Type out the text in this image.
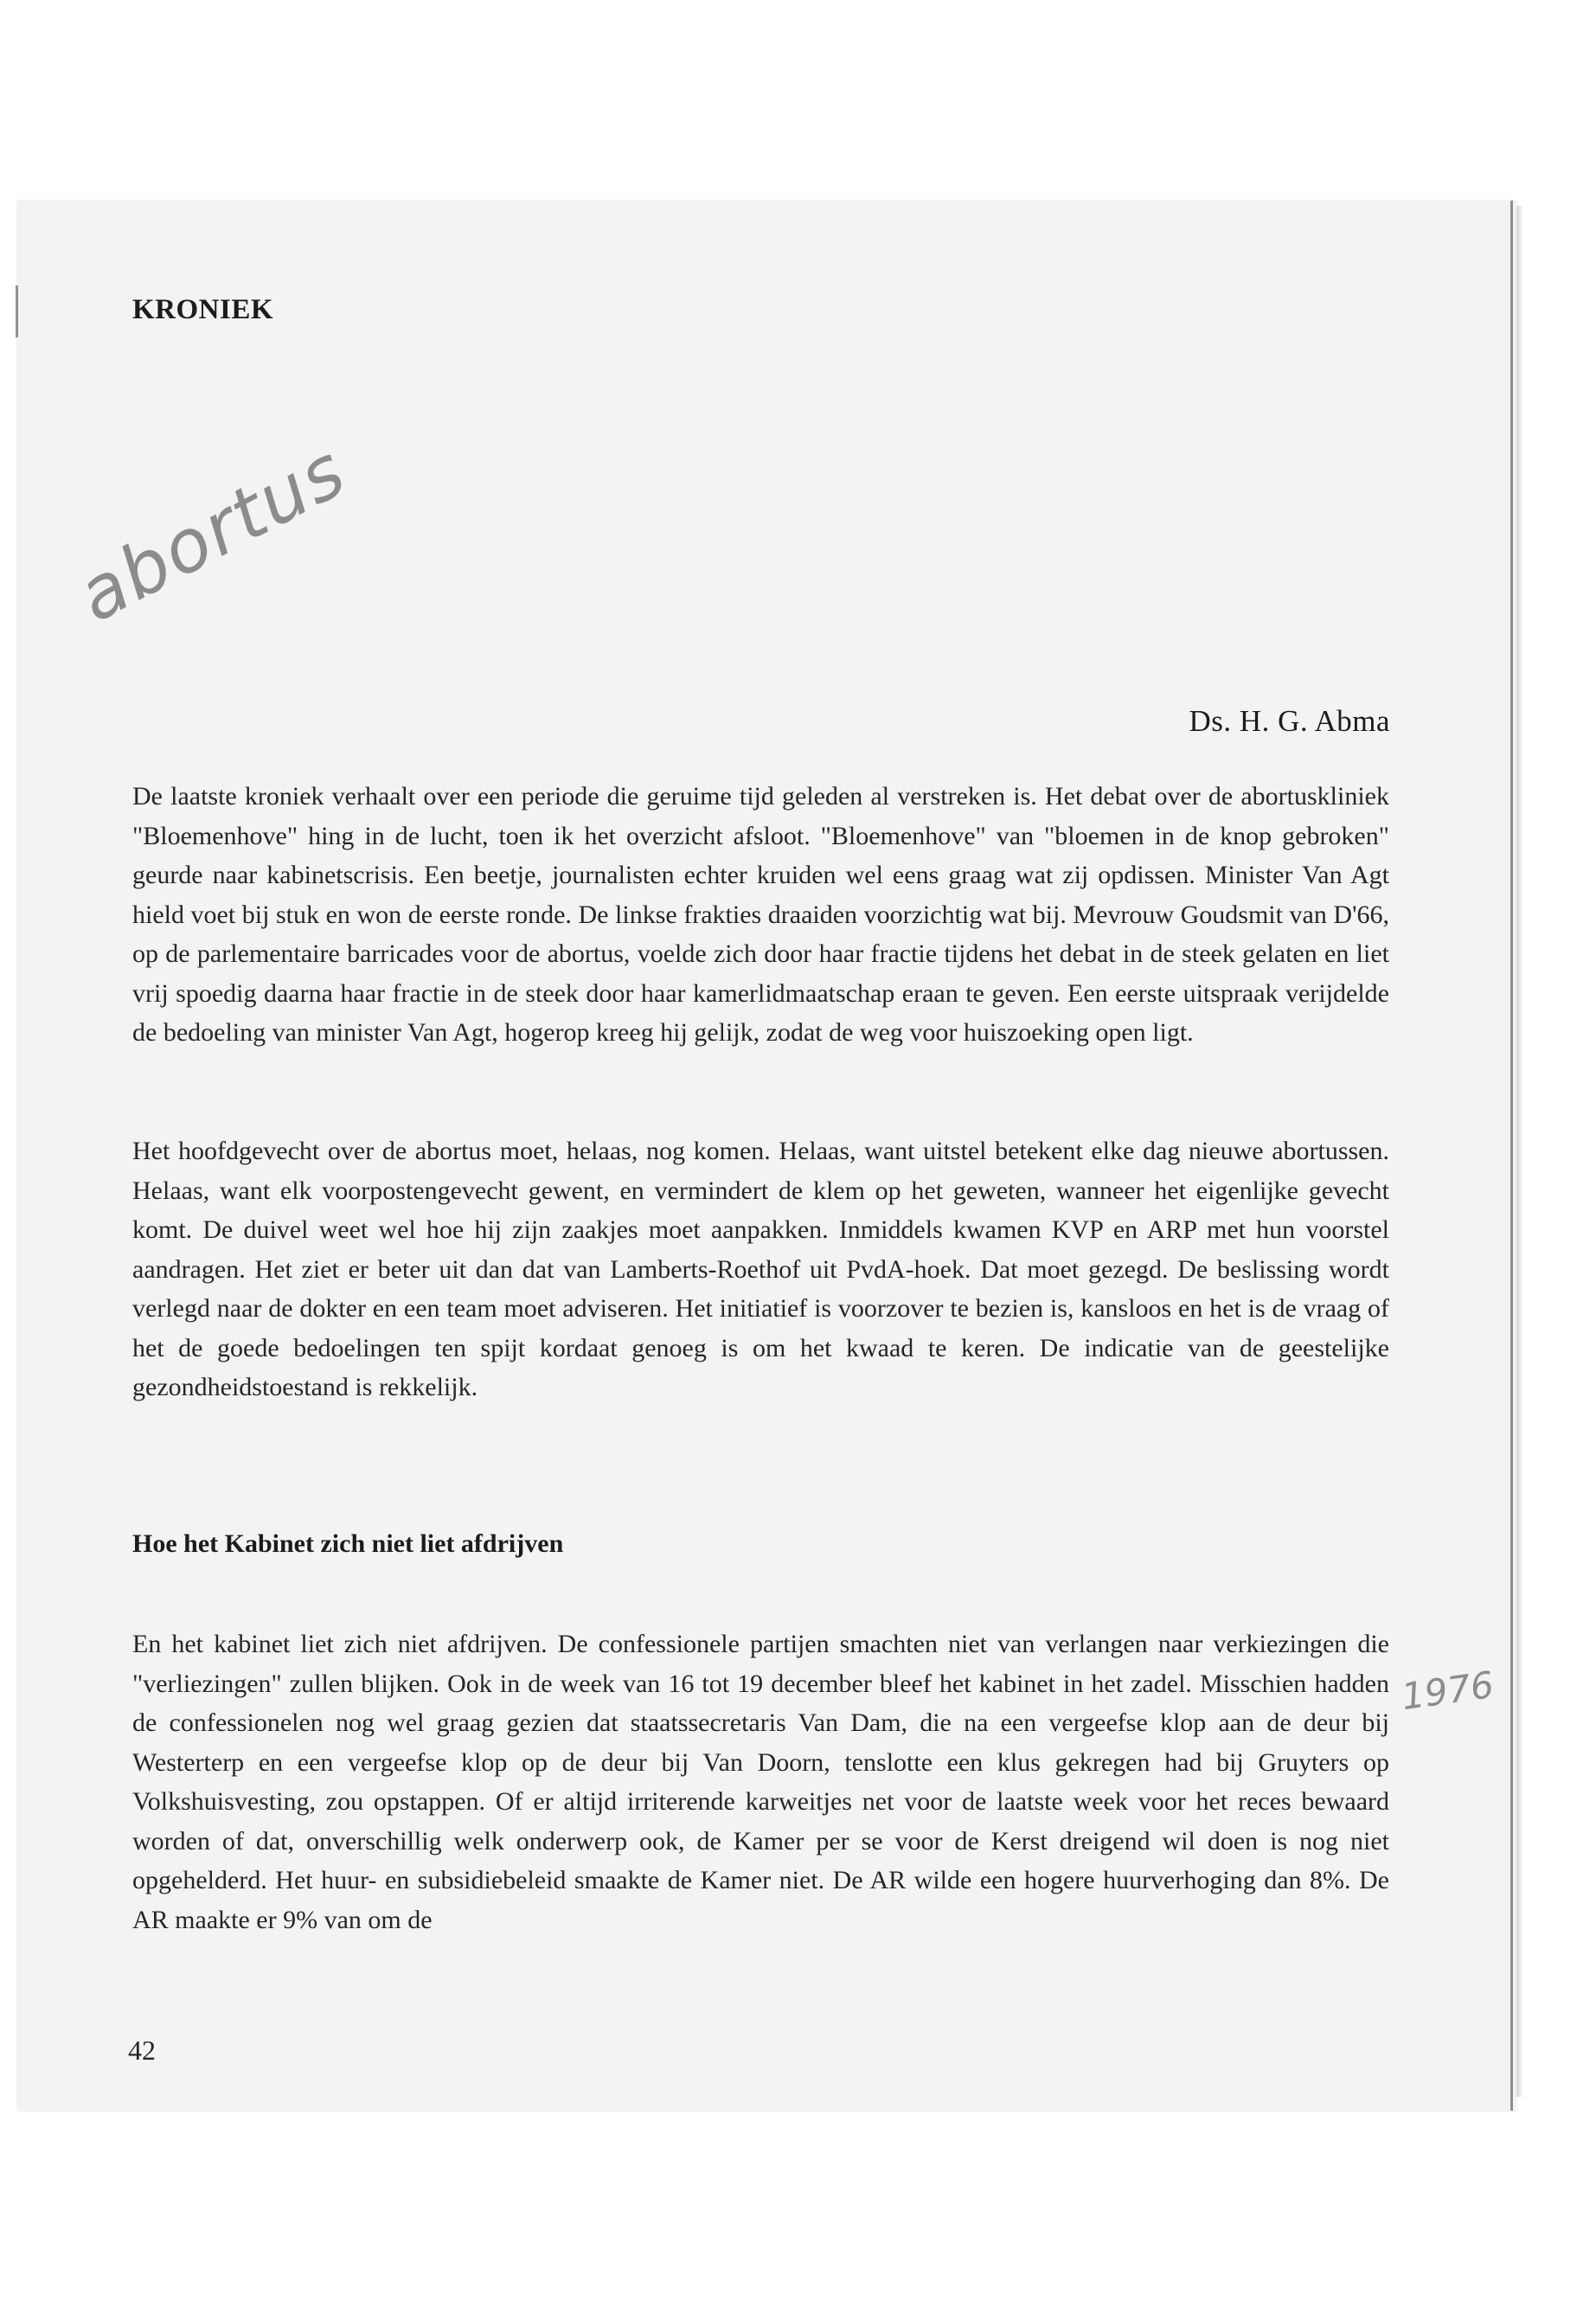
KRONIEK
abortus
Ds. H. G. Abma

De laatste kroniek verhaalt over een periode die geruime tijd geleden al verstreken is. Het debat over de abortuskliniek "Bloemenhove" hing in de lucht, toen ik het overzicht afsloot. "Bloemenhove" van "bloemen in de knop gebroken" geurde naar kabinetscrisis. Een beetje, journalisten echter kruiden wel eens graag wat zij opdissen. Minister Van Agt hield voet bij stuk en won de eerste ronde. De linkse frakties draaiden voorzichtig wat bij. Mevrouw Goudsmit van D'66, op de parlementaire barricades voor de abortus, voelde zich door haar fractie tijdens het debat in de steek gelaten en liet vrij spoedig daarna haar fractie in de steek door haar kamerlidmaatschap eraan te geven. Een eerste uitspraak verijdelde de bedoeling van minister Van Agt, hogerop kreeg hij gelijk, zodat de weg voor huiszoeking open ligt.

Het hoofdgevecht over de abortus moet, helaas, nog komen. Helaas, want uitstel betekent elke dag nieuwe abortussen. Helaas, want elk voorpostengevecht gewent, en vermindert de klem op het geweten, wanneer het eigenlijke gevecht komt. De duivel weet wel hoe hij zijn zaakjes moet aanpakken. Inmiddels kwamen KVP en ARP met hun voorstel aandragen. Het ziet er beter uit dan dat van Lamberts-Roethof uit PvdA-hoek. Dat moet gezegd. De beslissing wordt verlegd naar de dokter en een team moet adviseren. Het initiatief is voorzover te bezien is, kansloos en het is de vraag of het de goede bedoelingen ten spijt kordaat genoeg is om het kwaad te keren. De indicatie van de geestelijke gezondheidstoestand is rekkelijk.

Hoe het Kabinet zich niet liet afdrijven

En het kabinet liet zich niet afdrijven. De confessionele partijen smachten niet van verlangen naar verkiezingen die "verliezingen" zullen blijken. Ook in de week van 16 tot 19 december bleef het kabinet in het zadel. Misschien hadden de confessionelen nog wel graag gezien dat staatssecretaris Van Dam, die na een vergeefse klop aan de deur bij Westerterp en een vergeefse klop op de deur bij Van Doorn, tenslotte een klus gekregen had bij Gruyters op Volkshuisvesting, zou opstappen. Of er altijd irriterende karweitjes net voor de laatste week voor het reces bewaard worden of dat, onverschillig welk onderwerp ook, de Kamer per se voor de Kerst dreigend wil doen is nog niet opgehelderd. Het huur- en subsidiebeleid smaakte de Kamer niet. De AR wilde een hogere huurverhoging dan 8%. De AR maakte er 9% van om de

1976
42
